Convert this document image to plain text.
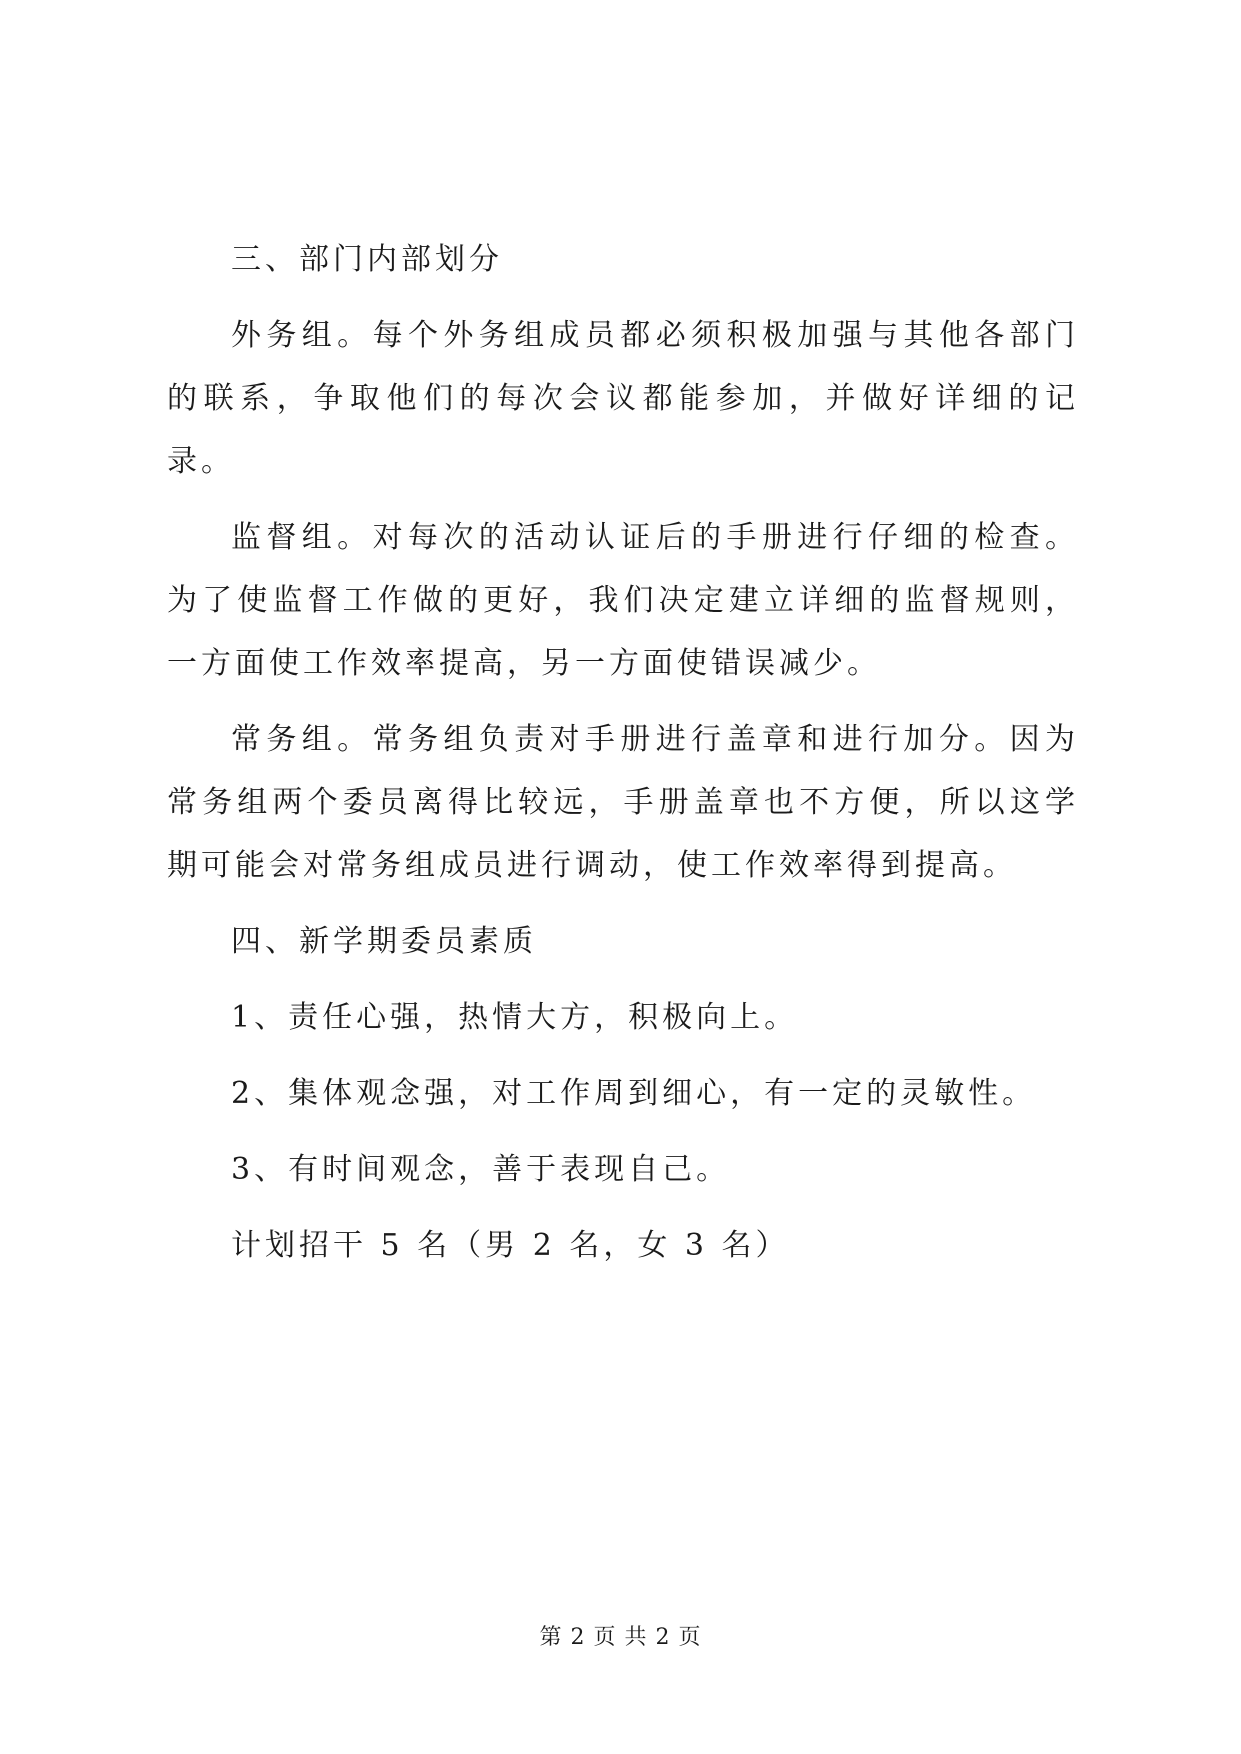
三、部门内部划分

外务组。每个外务组成员都必须积极加强与其他各部门的联系，争取他们的每次会议都能参加，并做好详细的记录。

监督组。对每次的活动认证后的手册进行仔细的检查。为了使监督工作做的更好，我们决定建立详细的监督规则，一方面使工作效率提高，另一方面使错误减少。

常务组。常务组负责对手册进行盖章和进行加分。因为常务组两个委员离得比较远，手册盖章也不方便，所以这学期可能会对常务组成员进行调动，使工作效率得到提高。

四、新学期委员素质

1、责任心强，热情大方，积极向上。

2、集体观念强，对工作周到细心，有一定的灵敏性。

3、有时间观念，善于表现自己。

计划招干 5 名（男 2 名，女 3 名）

第 2 页 共 2 页
